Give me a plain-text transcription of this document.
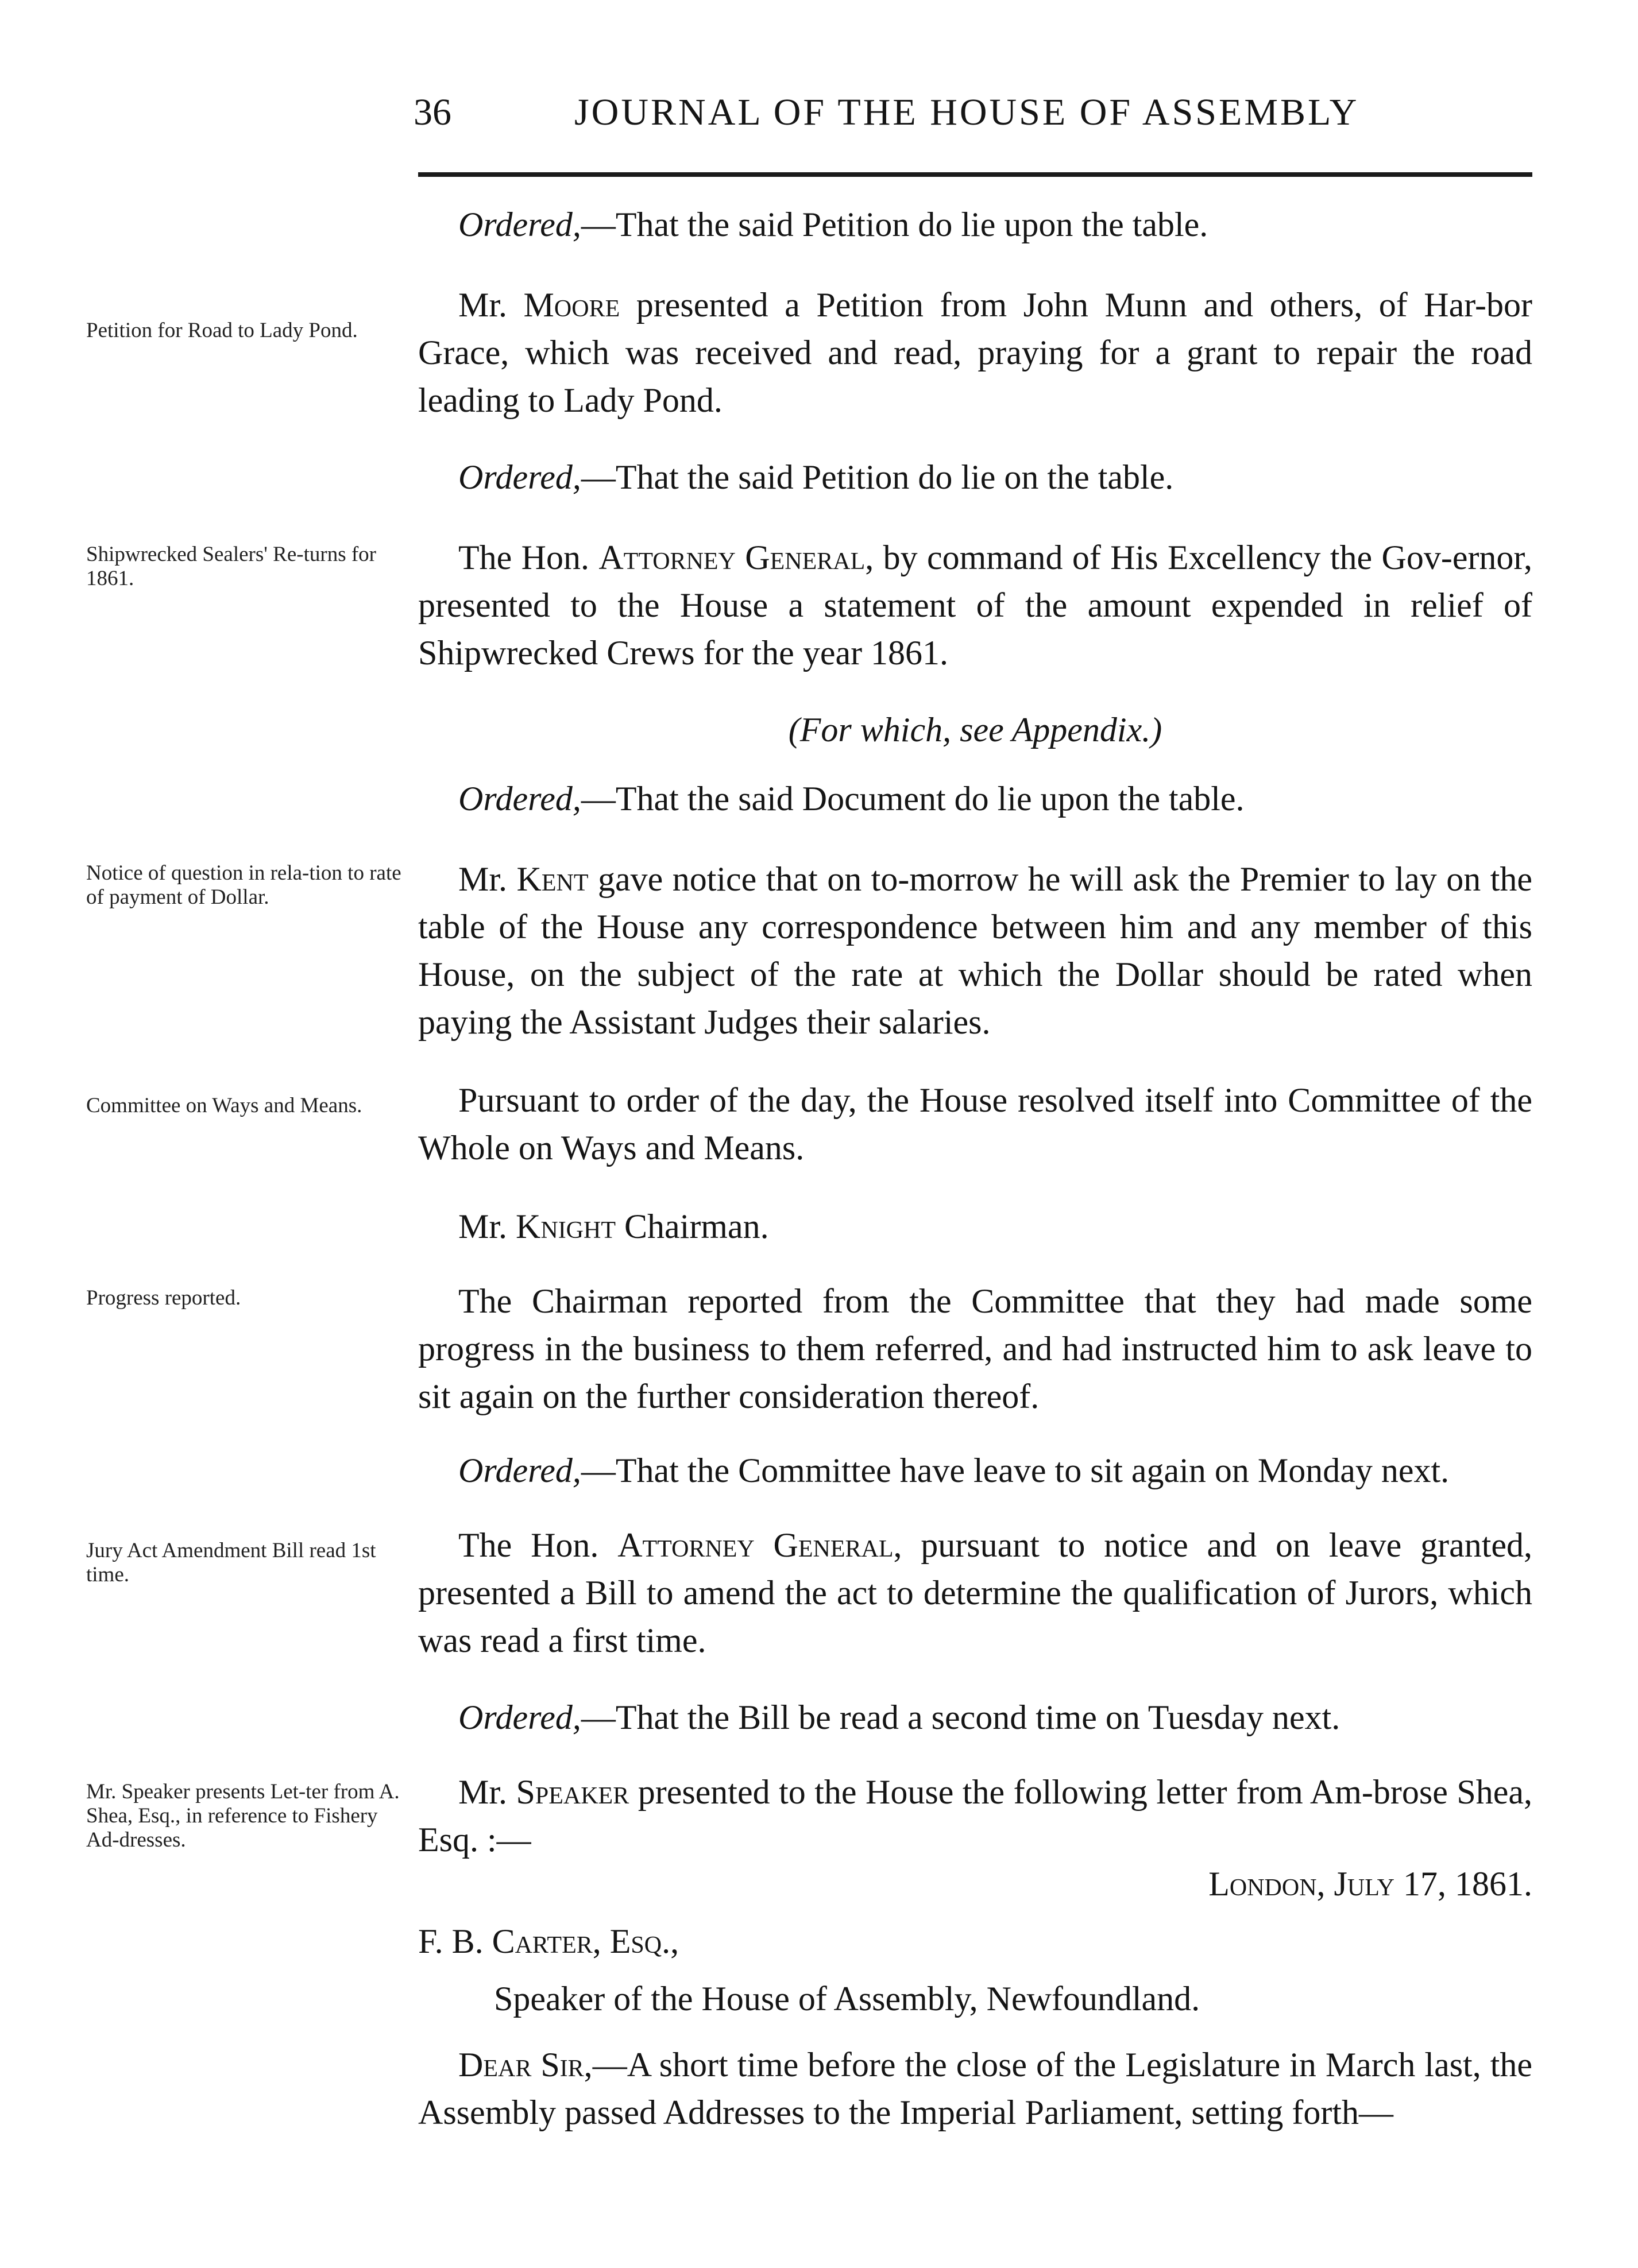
36	JOURNAL OF THE HOUSE OF ASSEMBLY
Petition for Road to Lady Pond.
Shipwrecked Sealers' Re-turns for 1861.
Notice of question in rela-tion to rate of payment of Dollar.
Committee on Ways and Means.
Progress reported.
Jury Act Amendment Bill read 1st time.
Mr. Speaker presents Let-ter from A. Shea, Esq., in reference to Fishery Ad-dresses.
Ordered,—That the said Petition do lie upon the table.
Mr. Moore presented a Petition from John Munn and others, of Har-bor Grace, which was received and read, praying for a grant to repair the road leading to Lady Pond.
Ordered,—That the said Petition do lie on the table.
The Hon. Attorney General, by command of His Excellency the Gov-ernor, presented to the House a statement of the amount expended in relief of Shipwrecked Crews for the year 1861.
(For which, see Appendix.)
Ordered,—That the said Document do lie upon the table.
Mr. Kent gave notice that on to-morrow he will ask the Premier to lay on the table of the House any correspondence between him and any member of this House, on the subject of the rate at which the Dollar should be rated when paying the Assistant Judges their salaries.
Pursuant to order of the day, the House resolved itself into Committee of the Whole on Ways and Means.
Mr. Knight Chairman.
The Chairman reported from the Committee that they had made some progress in the business to them referred, and had instructed him to ask leave to sit again on the further consideration thereof.
Ordered,—That the Committee have leave to sit again on Monday next.
The Hon. Attorney General, pursuant to notice and on leave granted, presented a Bill to amend the act to determine the qualification of Jurors, which was read a first time.
Ordered,—That the Bill be read a second time on Tuesday next.
Mr. Speaker presented to the House the following letter from Am-brose Shea, Esq. :—
London, July 17, 1861.
F. B. Carter, Esq.,
Speaker of the House of Assembly, Newfoundland.
Dear Sir,—A short time before the close of the Legislature in March last, the Assembly passed Addresses to the Imperial Parliament, setting forth—
